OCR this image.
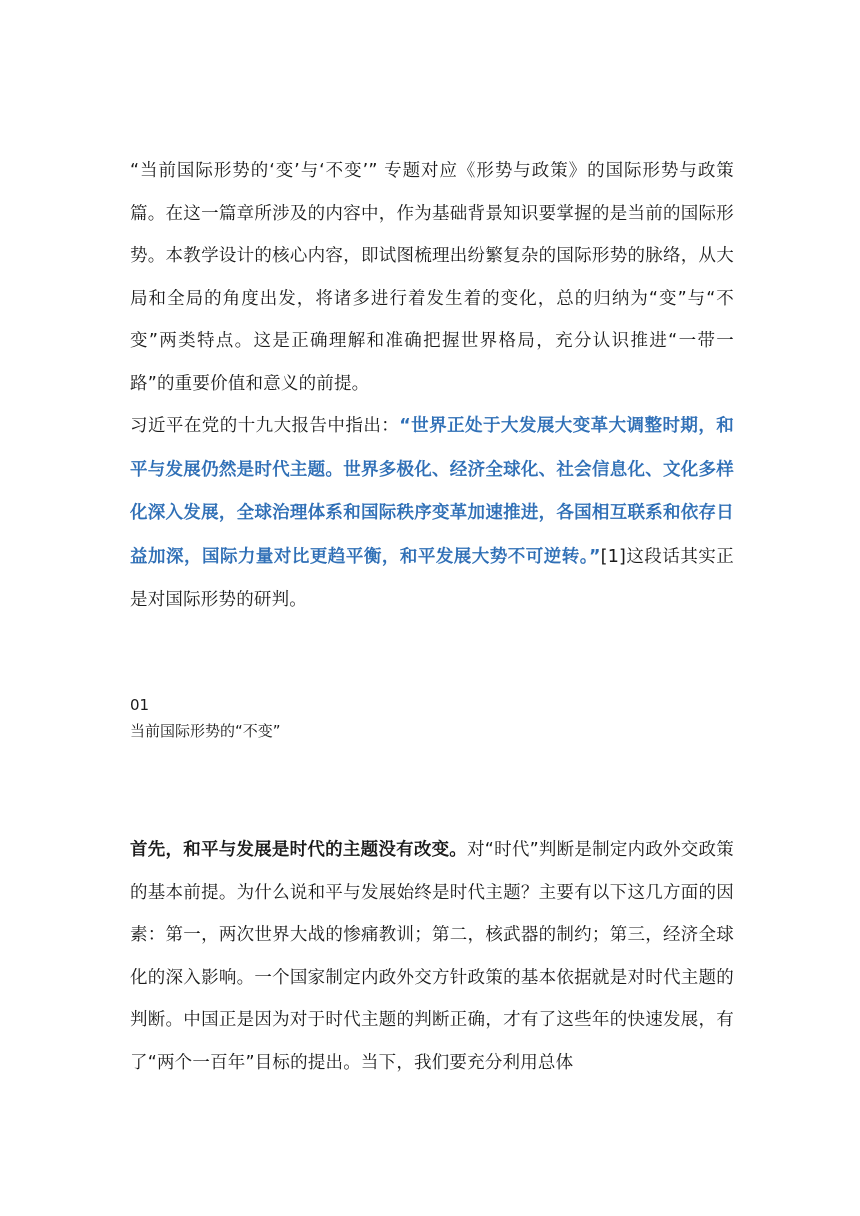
“当前国际形势的‘变’与‘不变’” 专题对应《形势与政策》的国际形势与政策篇。在这一篇章所涉及的内容中，作为基础背景知识要掌握的是当前的国际形势。本教学设计的核心内容，即试图梳理出纷繁复杂的国际形势的脉络，从大局和全局的角度出发，将诸多进行着发生着的变化，总的归纳为“变”与“不变”两类特点。这是正确理解和准确把握世界格局，充分认识推进“一带一路”的重要价值和意义的前提。

习近平在党的十九大报告中指出：“世界正处于大发展大变革大调整时期，和平与发展仍然是时代主题。世界多极化、经济全球化、社会信息化、文化多样化深入发展，全球治理体系和国际秩序变革加速推进，各国相互联系和依存日益加深，国际力量对比更趋平衡，和平发展大势不可逆转。”[1]这段话其实正是对国际形势的研判。

01

当前国际形势的“不变”

首先，和平与发展是时代的主题没有改变。对“时代”判断是制定内政外交政策的基本前提。为什么说和平与发展始终是时代主题？主要有以下这几方面的因素：第一，两次世界大战的惨痛教训；第二，核武器的制约；第三，经济全球化的深入影响。一个国家制定内政外交方针政策的基本依据就是对时代主题的判断。中国正是因为对于时代主题的判断正确，才有了这些年的快速发展，有了“两个一百年”目标的提出。当下，我们要充分利用总体
